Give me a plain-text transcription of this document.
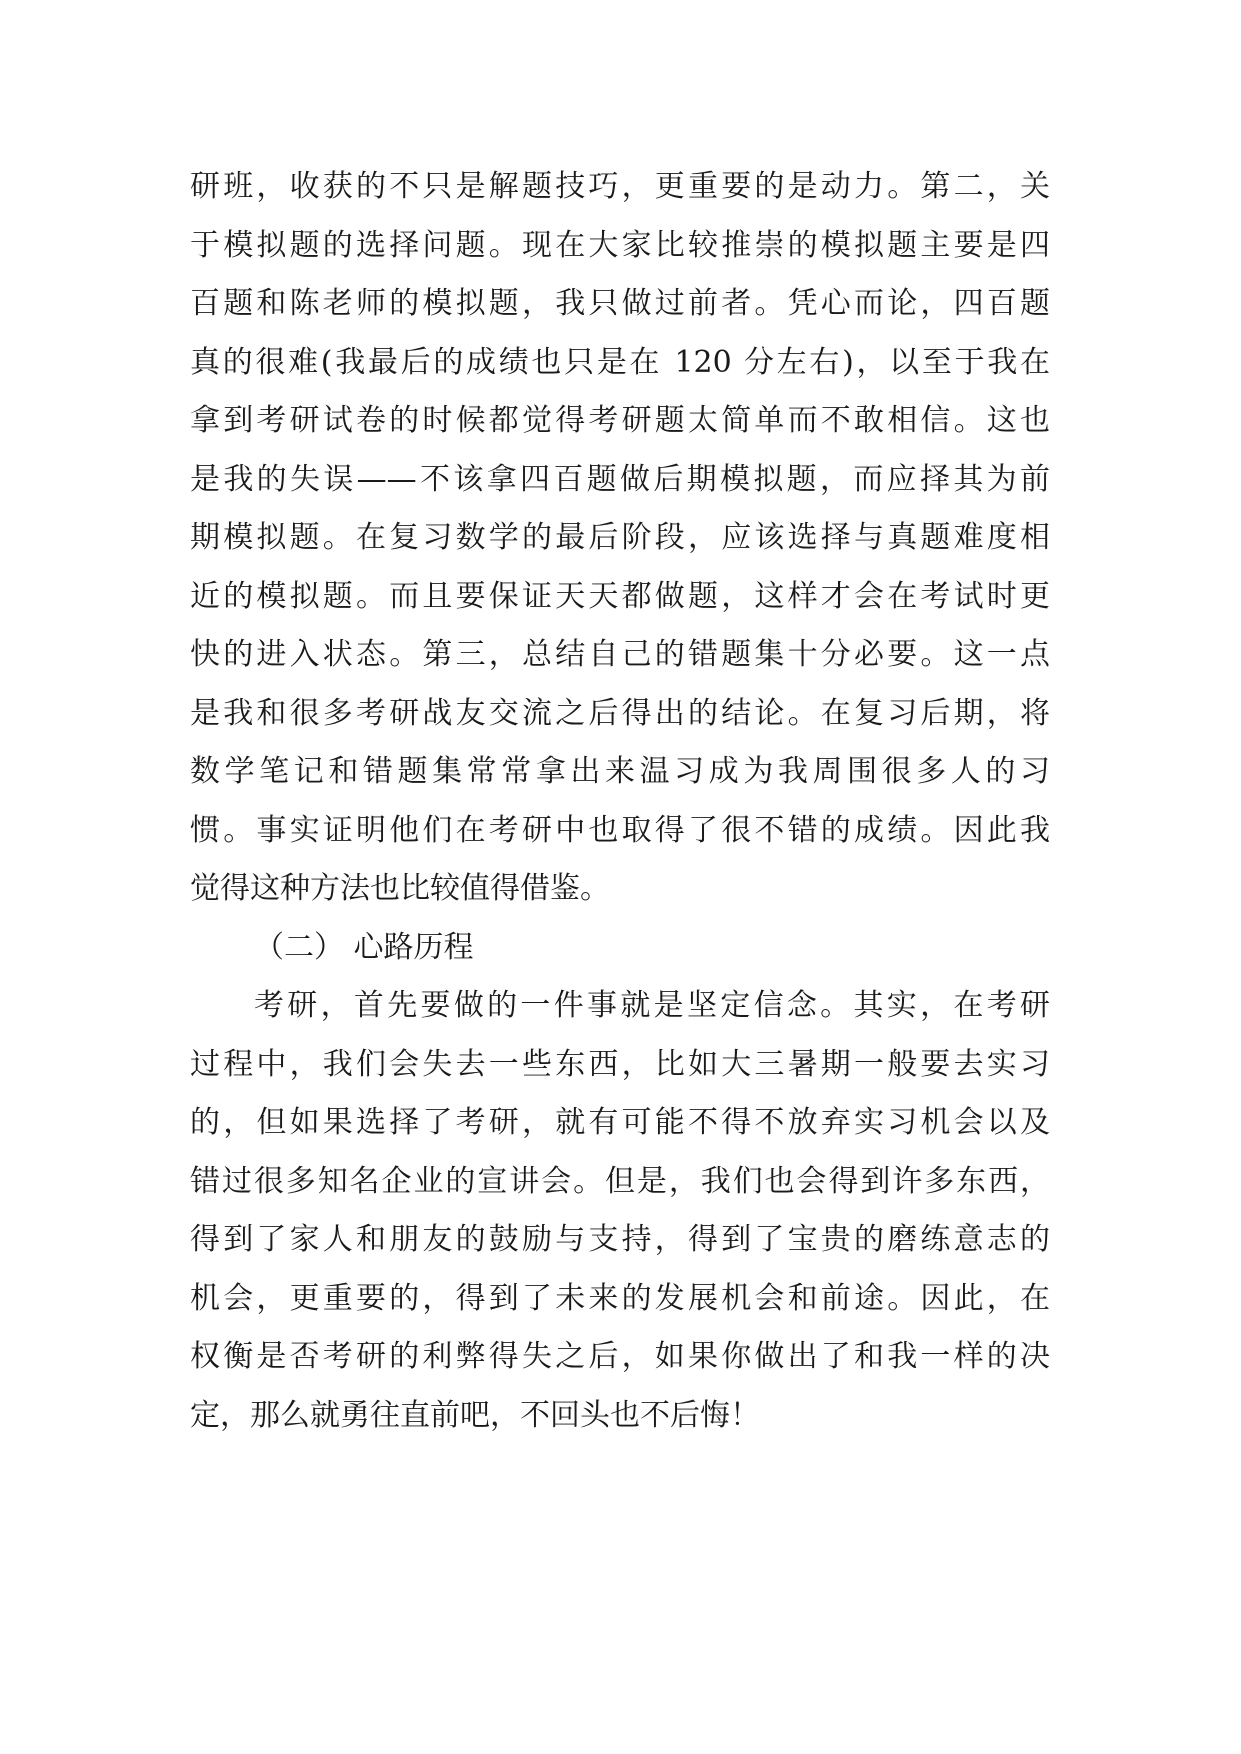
研班，收获的不只是解题技巧，更重要的是动力。第二，关
于模拟题的选择问题。现在大家比较推崇的模拟题主要是四
百题和陈老师的模拟题，我只做过前者。凭心而论，四百题
真的很难(我最后的成绩也只是在 120 分左右)，以至于我在
拿到考研试卷的时候都觉得考研题太简单而不敢相信。这也
是我的失误——不该拿四百题做后期模拟题，而应择其为前
期模拟题。在复习数学的最后阶段，应该选择与真题难度相
近的模拟题。而且要保证天天都做题，这样才会在考试时更
快的进入状态。第三，总结自己的错题集十分必要。这一点
是我和很多考研战友交流之后得出的结论。在复习后期，将
数学笔记和错题集常常拿出来温习成为我周围很多人的习
惯。事实证明他们在考研中也取得了很不错的成绩。因此我
觉得这种方法也比较值得借鉴。
（二） 心路历程
考研，首先要做的一件事就是坚定信念。其实，在考研
过程中，我们会失去一些东西，比如大三暑期一般要去实习
的，但如果选择了考研，就有可能不得不放弃实习机会以及
错过很多知名企业的宣讲会。但是，我们也会得到许多东西，
得到了家人和朋友的鼓励与支持，得到了宝贵的磨练意志的
机会，更重要的，得到了未来的发展机会和前途。因此，在
权衡是否考研的利弊得失之后，如果你做出了和我一样的决
定，那么就勇往直前吧，不回头也不后悔！
